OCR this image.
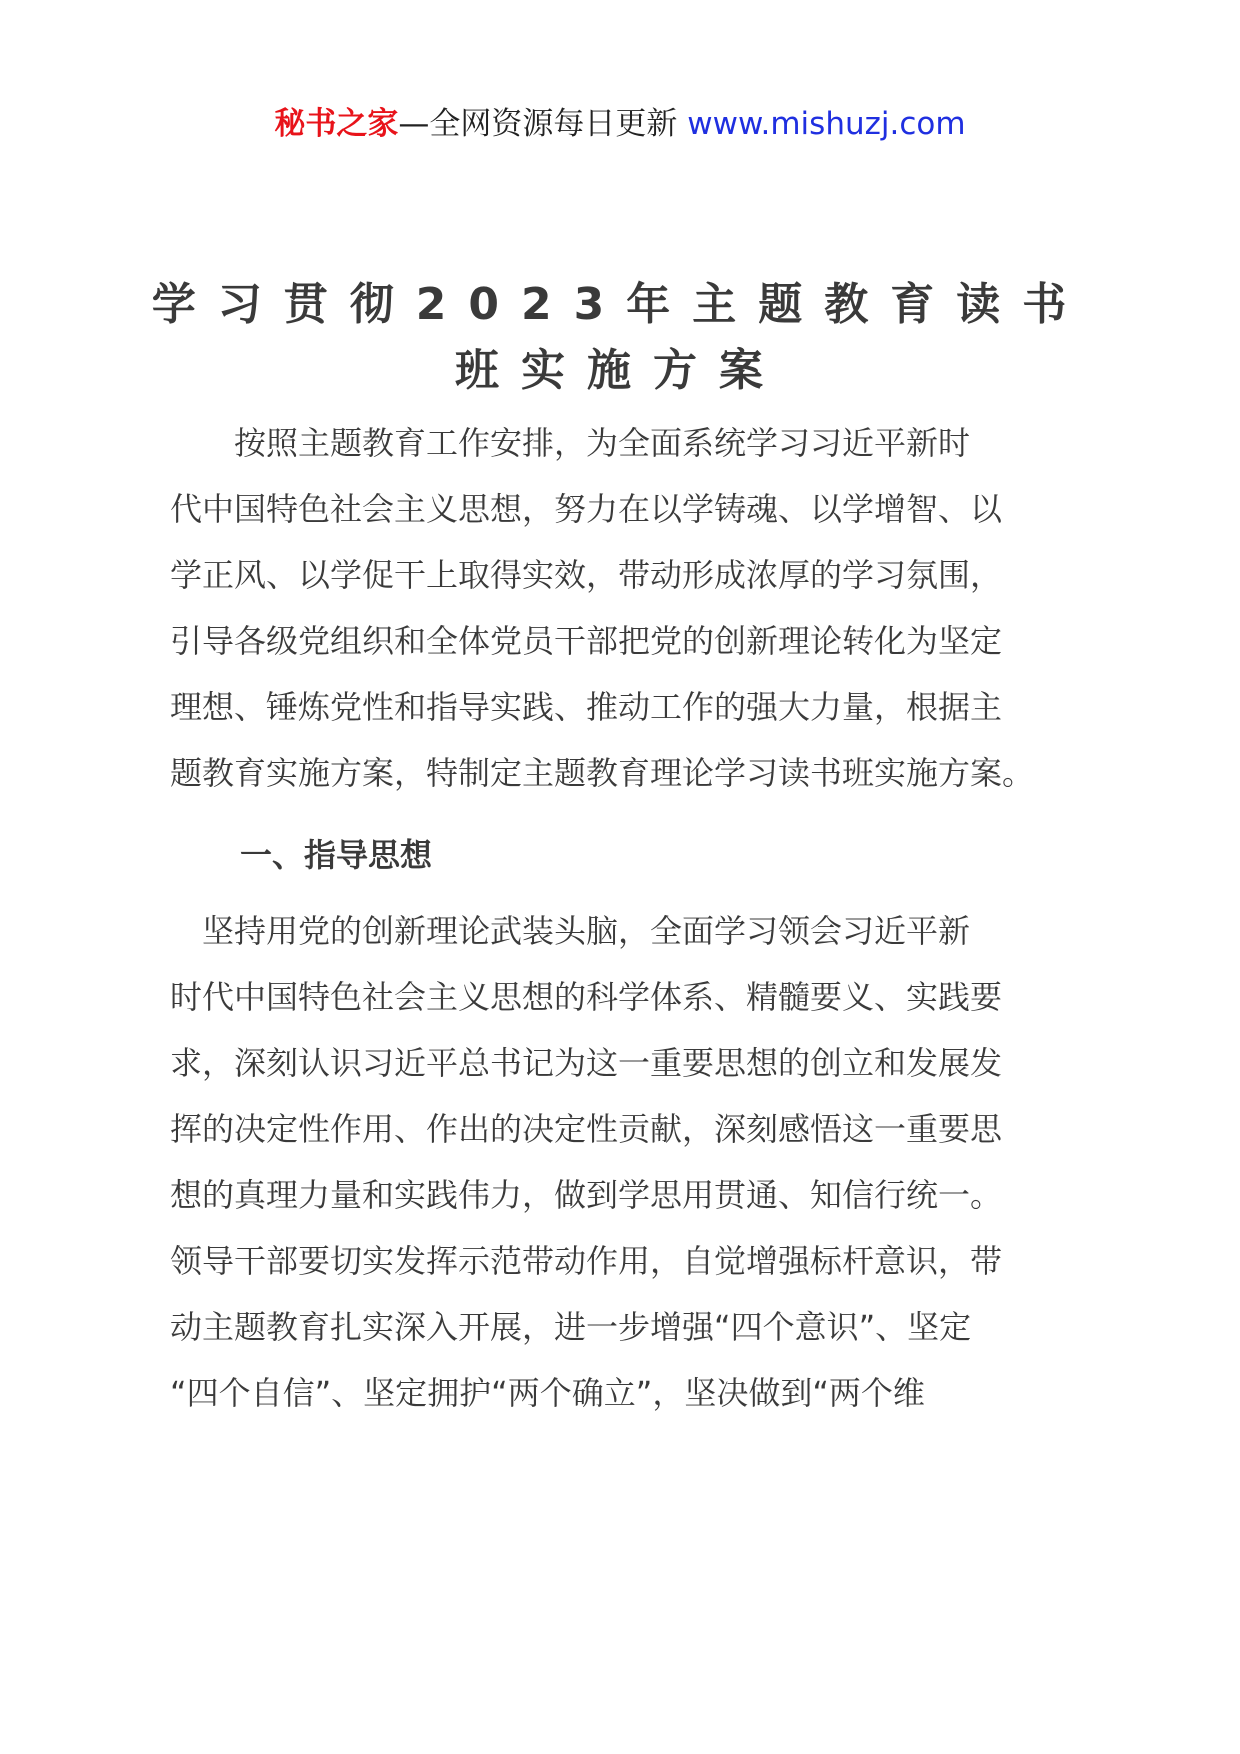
秘书之家—全网资源每日更新 www.mishuzj.com
学习贯彻2023年主题教育读书
班实施方案

　　按照主题教育工作安排，为全面系统学习习近平新时
代中国特色社会主义思想，努力在以学铸魂、以学增智、以
学正风、以学促干上取得实效，带动形成浓厚的学习氛围，
引导各级党组织和全体党员干部把党的创新理论转化为坚定
理想、锤炼党性和指导实践、推动工作的强大力量，根据主
题教育实施方案，特制定主题教育理论学习读书班实施方案。

一、指导思想

　坚持用党的创新理论武装头脑，全面学习领会习近平新
时代中国特色社会主义思想的科学体系、精髓要义、实践要
求，深刻认识习近平总书记为这一重要思想的创立和发展发
挥的决定性作用、作出的决定性贡献，深刻感悟这一重要思
想的真理力量和实践伟力，做到学思用贯通、知信行统一。
领导干部要切实发挥示范带动作用，自觉增强标杆意识，带
动主题教育扎实深入开展，进一步增强“四个意识”、坚定
“四个自信”、坚定拥护“两个确立”，坚决做到“两个维
